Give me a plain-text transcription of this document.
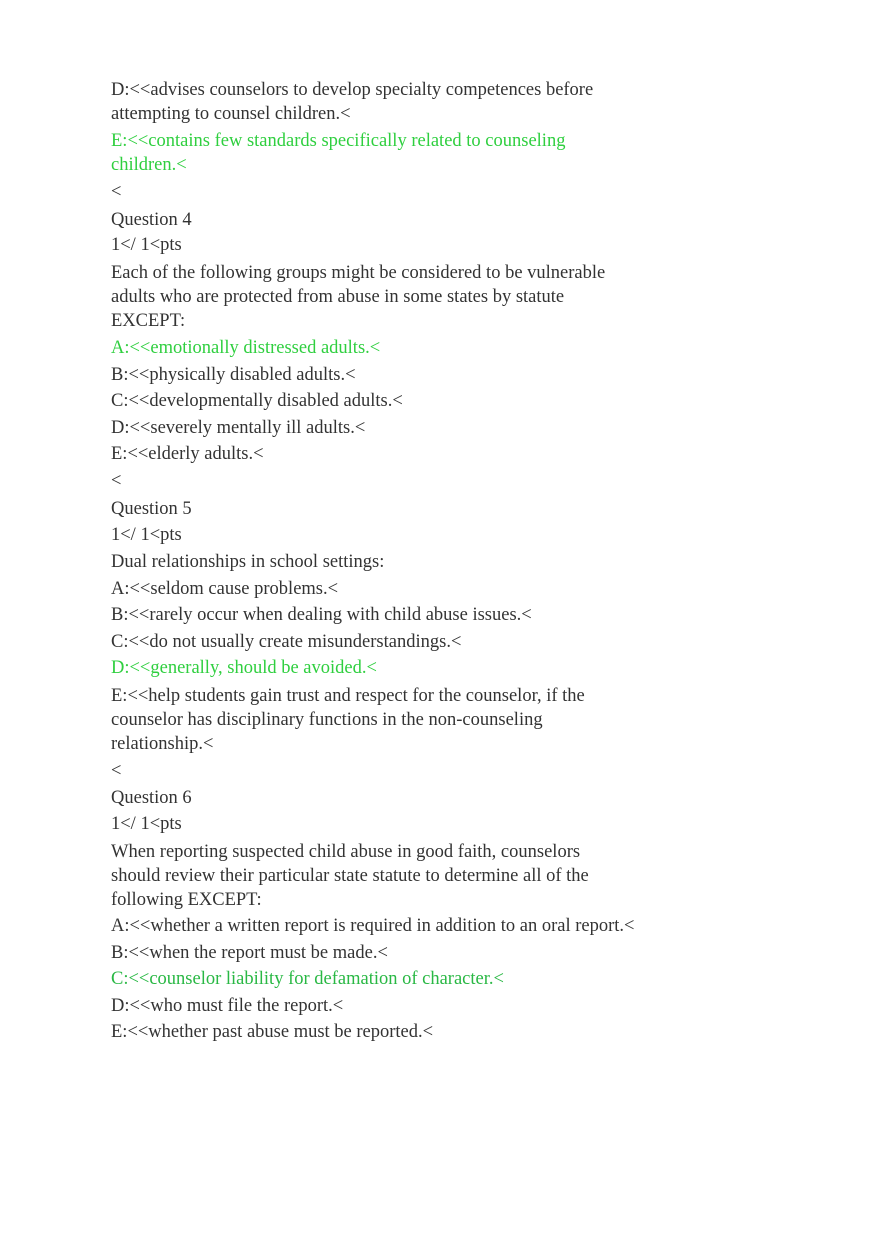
D:<<advises counselors to develop specialty competences before
attempting to counsel children.<
E:<<contains few standards specifically related to counseling
children.<
<
Question 4
1</ 1<pts
Each of the following groups might be considered to be vulnerable
adults who are protected from abuse in some states by statute
EXCEPT:
A:<<emotionally distressed adults.<
B:<<physically disabled adults.<
C:<<developmentally disabled adults.<
D:<<severely mentally ill adults.<
E:<<elderly adults.<
<
Question 5
1</ 1<pts
Dual relationships in school settings:
A:<<seldom cause problems.<
B:<<rarely occur when dealing with child abuse issues.<
C:<<do not usually create misunderstandings.<
D:<<generally, should be avoided.<
E:<<help students gain trust and respect for the counselor, if the
counselor has disciplinary functions in the non-counseling
relationship.<
<
Question 6
1</ 1<pts
When reporting suspected child abuse in good faith, counselors
should review their particular state statute to determine all of the
following EXCEPT:
A:<<whether a written report is required in addition to an oral report.<
B:<<when the report must be made.<
C:<<counselor liability for defamation of character.<
D:<<who must file the report.<
E:<<whether past abuse must be reported.<
